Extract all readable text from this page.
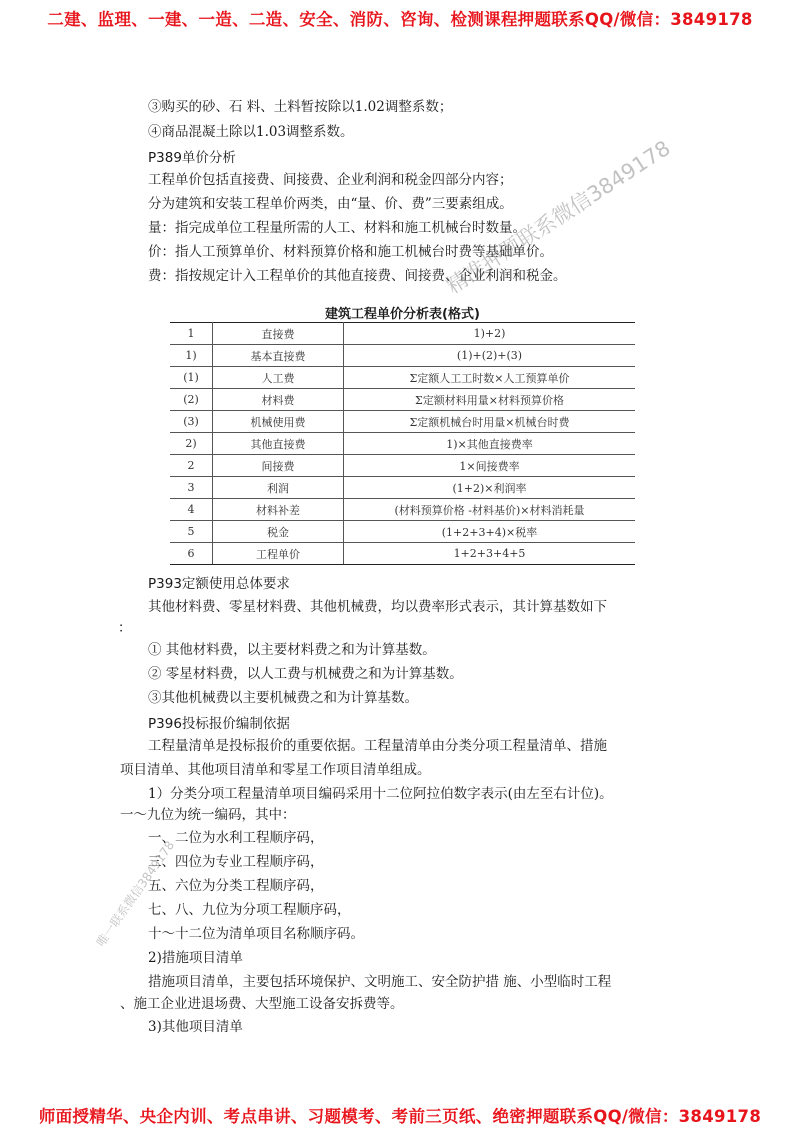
二建、监理、一建、一造、二造、安全、消防、咨询、检测课程押题联系QQ/微信：3849178
③购买的砂、石 料、土料暂按除以1.02调整系数；
④商品混凝土除以1.03调整系数。
P389单价分析
工程单价包括直接费、间接费、企业利润和税金四部分内容；
分为建筑和安装工程单价两类，由“量、价、费”三要素组成。
量：指完成单位工程量所需的人工、材料和施工机械台时数量。
价：指人工预算单价、材料预算价格和施工机械台时费等基础单价。
费：指按规定计入工程单价的其他直接费、间接费、企业利润和税金。
建筑工程单价分析表(格式)
1	直接费	1)+2)
1)	基本直接费	(1)+(2)+(3)
(1)	人工费	Σ定额人工工时数×人工预算单价
(2)	材料费	Σ定额材料用量×材料预算价格
(3)	机械使用费	Σ定额机械台时用量×机械台时费
2)	其他直接费	1)×其他直接费率
2	间接费	1×间接费率
3	利润	(1+2)×利润率
4	材料补差	(材料预算价格 -材料基价)×材料消耗量
5	税金	(1+2+3+4)×税率
6	工程单价	1+2+3+4+5
P393定额使用总体要求
其他材料费、零星材料费、其他机械费，均以费率形式表示，其计算基数如下
：
① 其他材料费，以主要材料费之和为计算基数。
② 零星材料费，以人工费与机械费之和为计算基数。
③其他机械费以主要机械费之和为计算基数。
P396投标报价编制依据
工程量清单是投标报价的重要依据。工程量清单由分类分项工程量清单、措施
项目清单、其他项目清单和零星工作项目清单组成。
1）分类分项工程量清单项目编码采用十二位阿拉伯数字表示(由左至右计位)。
一～九位为统一编码，其中：
一、二位为水利工程顺序码，
三、四位为专业工程顺序码，
五、六位为分类工程顺序码，
七、八、九位为分项工程顺序码，
十～十二位为清单项目名称顺序码。
2)措施项目清单
措施项目清单，主要包括环境保护、文明施工、安全防护措 施、小型临时工程
、施工企业进退场费、大型施工设备安拆费等。
3)其他项目清单
精准押题联系微信3849178
唯一联系微信3849178
师面授精华、央企内训、考点串讲、习题模考、考前三页纸、绝密押题联系QQ/微信：3849178
